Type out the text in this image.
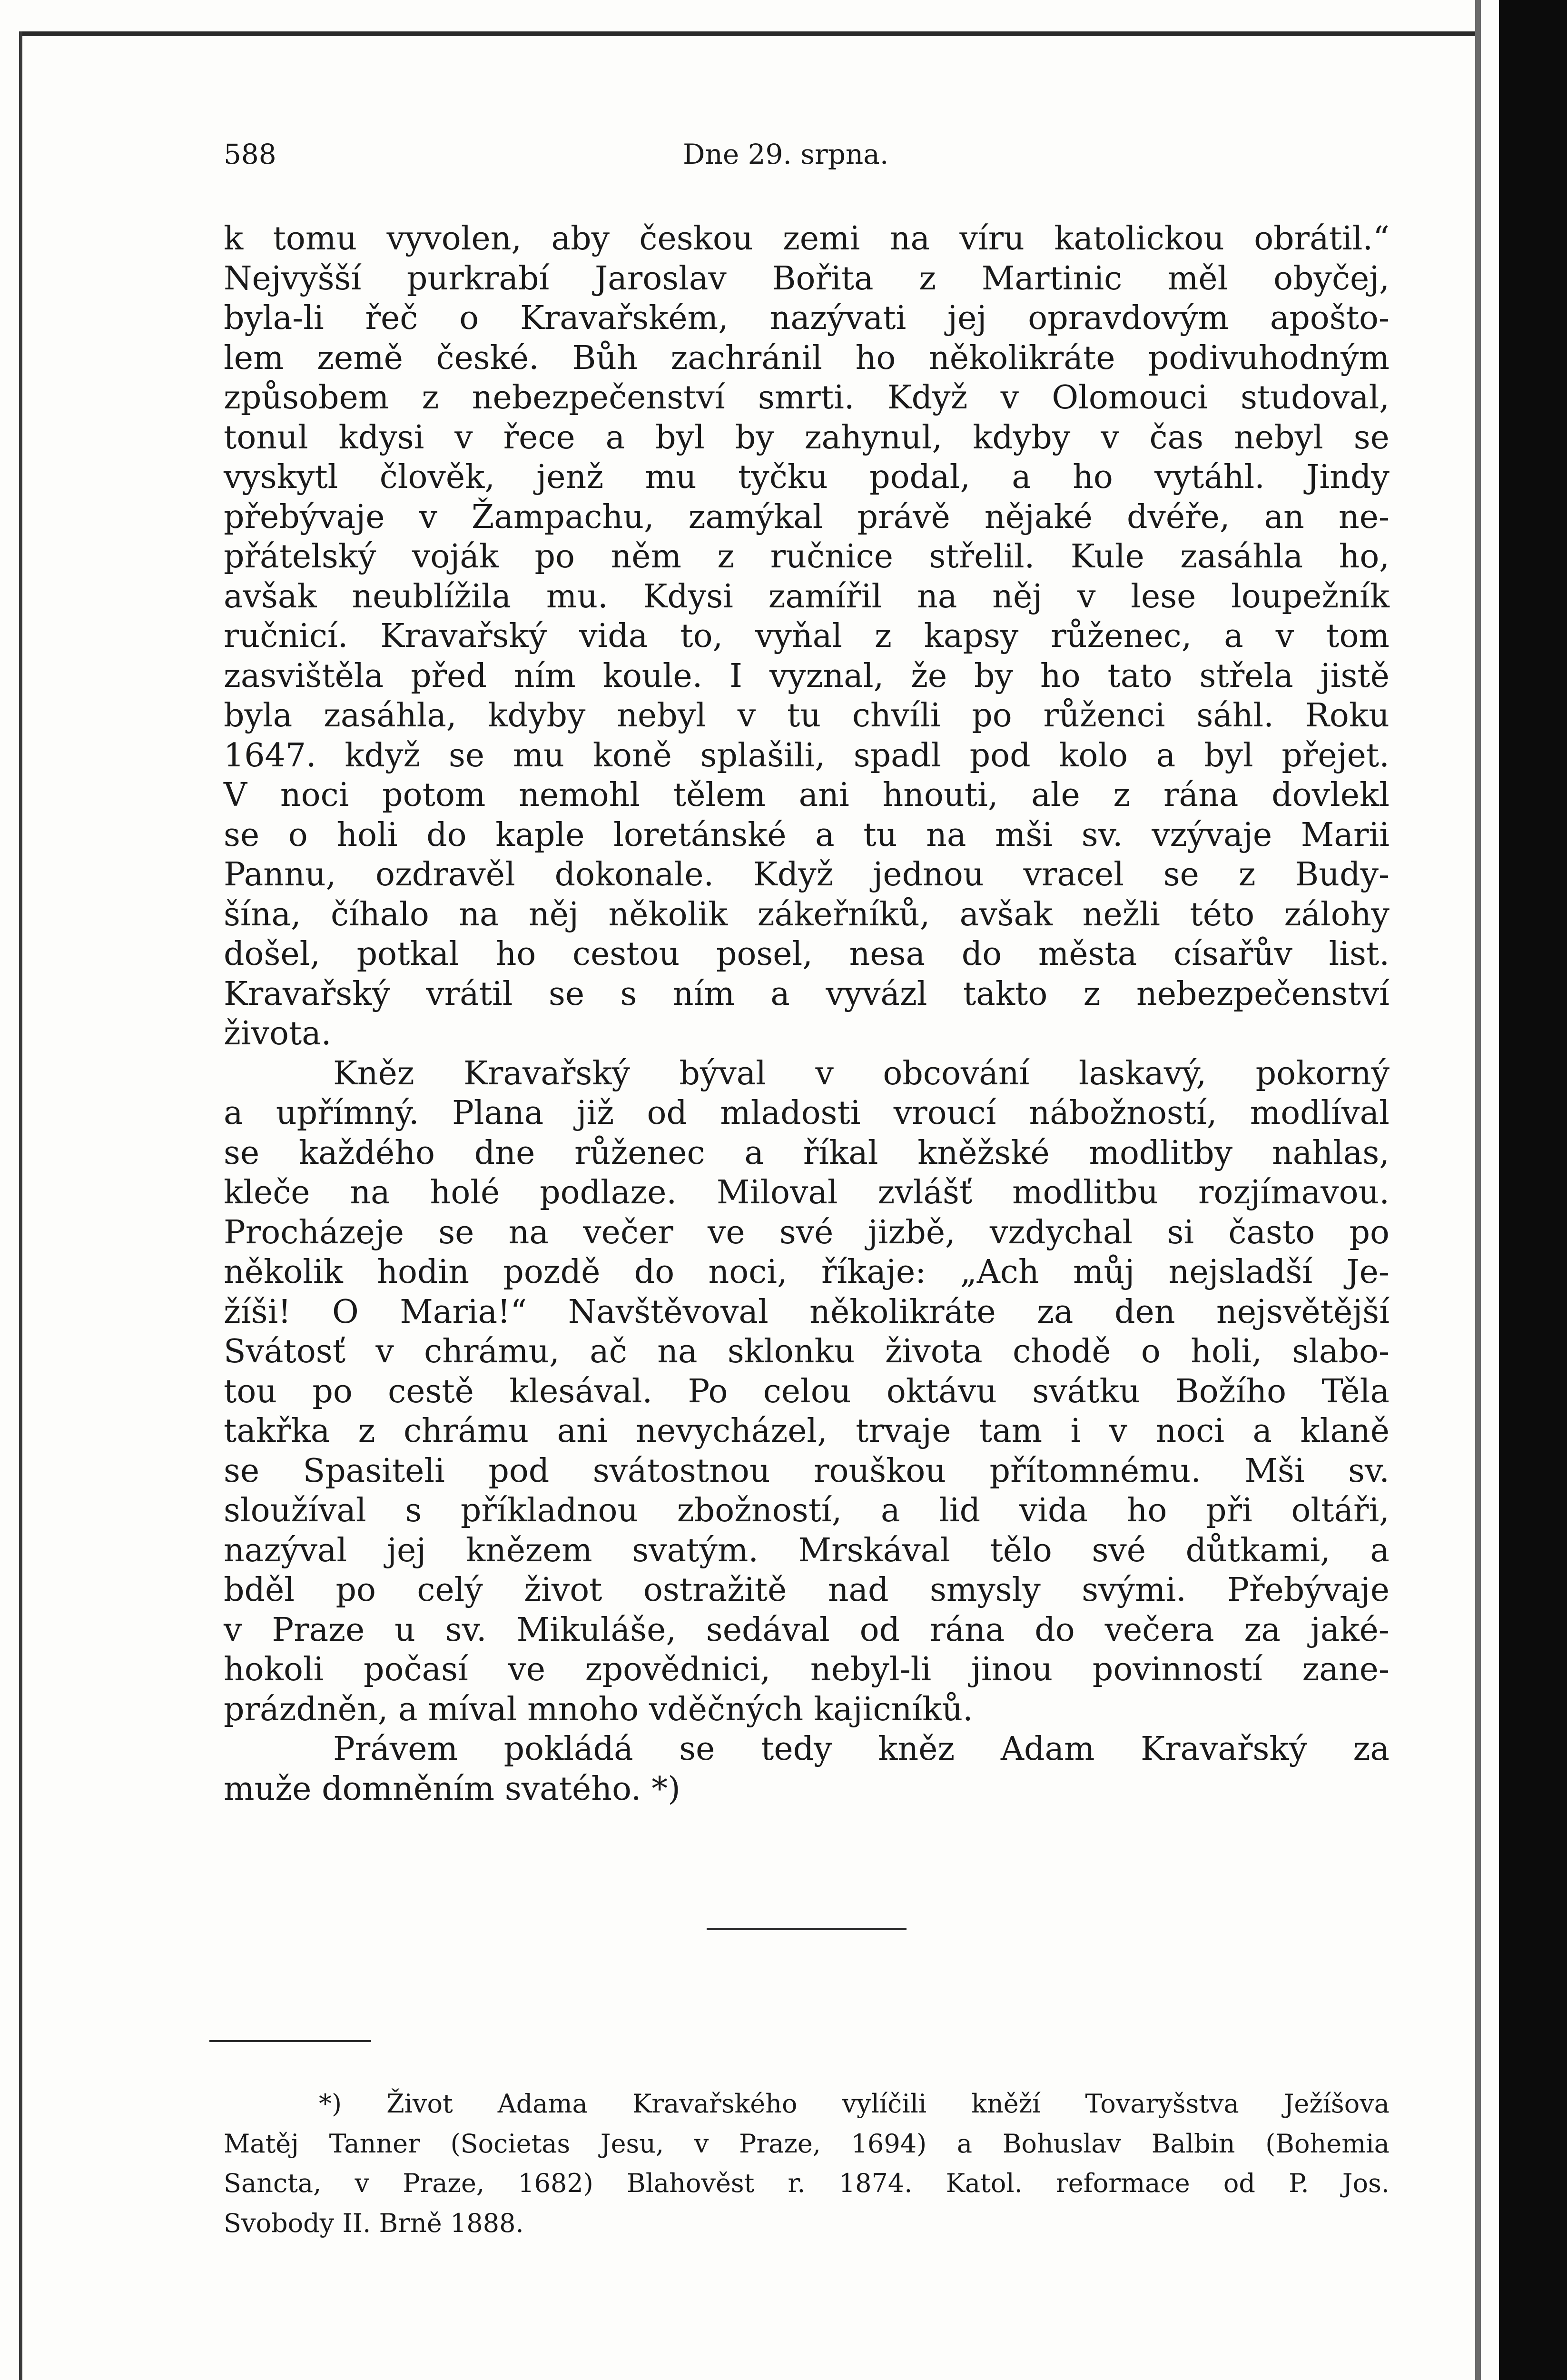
588	Dne 29. srpna.
k tomu vyvolen, aby českou zemi na víru katolickou obrátil.“
Nejvyšší purkrabí Jaroslav Bořita z Martinic měl obyčej,
byla-li řeč o Kravařském, nazývati jej opravdovým apošto-
lem země české. Bůh zachránil ho několikráte podivuhodným
způsobem z nebezpečenství smrti. Když v Olomouci studoval,
tonul kdysi v řece a byl by zahynul, kdyby v čas nebyl se
vyskytl člověk, jenž mu tyčku podal, a ho vytáhl. Jindy
přebývaje v Žampachu, zamýkal právě nějaké dvéře, an ne-
přátelský voják po něm z ručnice střelil. Kule zasáhla ho,
avšak neublížila mu. Kdysi zamířil na něj v lese loupežník
ručnicí. Kravařský vida to, vyňal z kapsy růženec, a v tom
zasvištěla před ním koule. I vyznal, že by ho tato střela jistě
byla zasáhla, kdyby nebyl v tu chvíli po růženci sáhl. Roku
1647. když se mu koně splašili, spadl pod kolo a byl přejet.
V noci potom nemohl tělem ani hnouti, ale z rána dovlekl
se o holi do kaple loretánské a tu na mši sv. vzývaje Marii
Pannu, ozdravěl dokonale. Když jednou vracel se z Budy-
šína, číhalo na něj několik zákeřníků, avšak nežli této zálohy
došel, potkal ho cestou posel, nesa do města císařův list.
Kravařský vrátil se s ním a vyvázl takto z nebezpečenství
života.
Kněz Kravařský býval v obcování laskavý, pokorný
a upřímný. Plana již od mladosti vroucí nábožností, modlíval
se každého dne růženec a říkal kněžské modlitby nahlas,
kleče na holé podlaze. Miloval zvlášť modlitbu rozjímavou.
Procházeje se na večer ve své jizbě, vzdychal si často po
několik hodin pozdě do noci, říkaje: „Ach můj nejsladší Je-
žíši! O Maria!“ Navštěvoval několikráte za den nejsvětější
Svátosť v chrámu, ač na sklonku života chodě o holi, slabo-
tou po cestě klesával. Po celou oktávu svátku Božího Těla
takřka z chrámu ani nevycházel, trvaje tam i v noci a klaně
se Spasiteli pod svátostnou rouškou přítomnému. Mši sv.
sloužíval s příkladnou zbožností, a lid vida ho při oltáři,
nazýval jej knězem svatým. Mrskával tělo své důtkami, a
bděl po celý život ostražitě nad smysly svými. Přebývaje
v Praze u sv. Mikuláše, sedával od rána do večera za jaké-
hokoli počasí ve zpovědnici, nebyl-li jinou povinností zane-
prázdněn, a míval mnoho vděčných kajicníků.
Právem pokládá se tedy kněz Adam Kravařský za
muže domněním svatého. *)
*) Život Adama Kravařského vylíčili kněží Tovaryšstva Ježíšova
Matěj Tanner (Societas Jesu, v Praze, 1694) a Bohuslav Balbin (Bohemia
Sancta, v Praze, 1682) Blahověst r. 1874. Katol. reformace od P. Jos.
Svobody II. Brně 1888.
